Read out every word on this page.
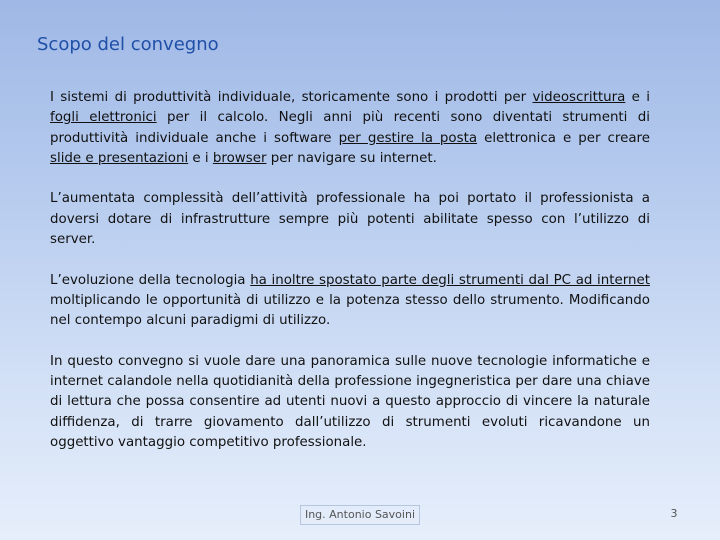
Scopo del convegno

I sistemi di produttività individuale, storicamente sono i prodotti per videoscrittura e i fogli elettronici per il calcolo. Negli anni più recenti sono diventati strumenti di produttività individuale anche i software per gestire la posta elettronica e per creare slide e presentazioni e i browser per navigare su internet.

L’aumentata complessità dell’attività professionale ha poi portato il professionista a doversi dotare di infrastrutture sempre più potenti abilitate spesso con l’utilizzo di server.

L’evoluzione della tecnologia ha inoltre spostato parte degli strumenti dal PC ad internet moltiplicando le opportunità di utilizzo e la potenza stesso dello strumento. Modificando nel contempo alcuni paradigmi di utilizzo.

In questo convegno si vuole dare una panoramica sulle nuove tecnologie informatiche e internet calandole nella quotidianità della professione ingegneristica per dare una chiave di lettura che possa consentire ad utenti nuovi a questo approccio di vincere la naturale diffidenza, di trarre giovamento dall’utilizzo di strumenti evoluti ricavandone un oggettivo vantaggio competitivo professionale.

Ing. Antonio Savoini	3
